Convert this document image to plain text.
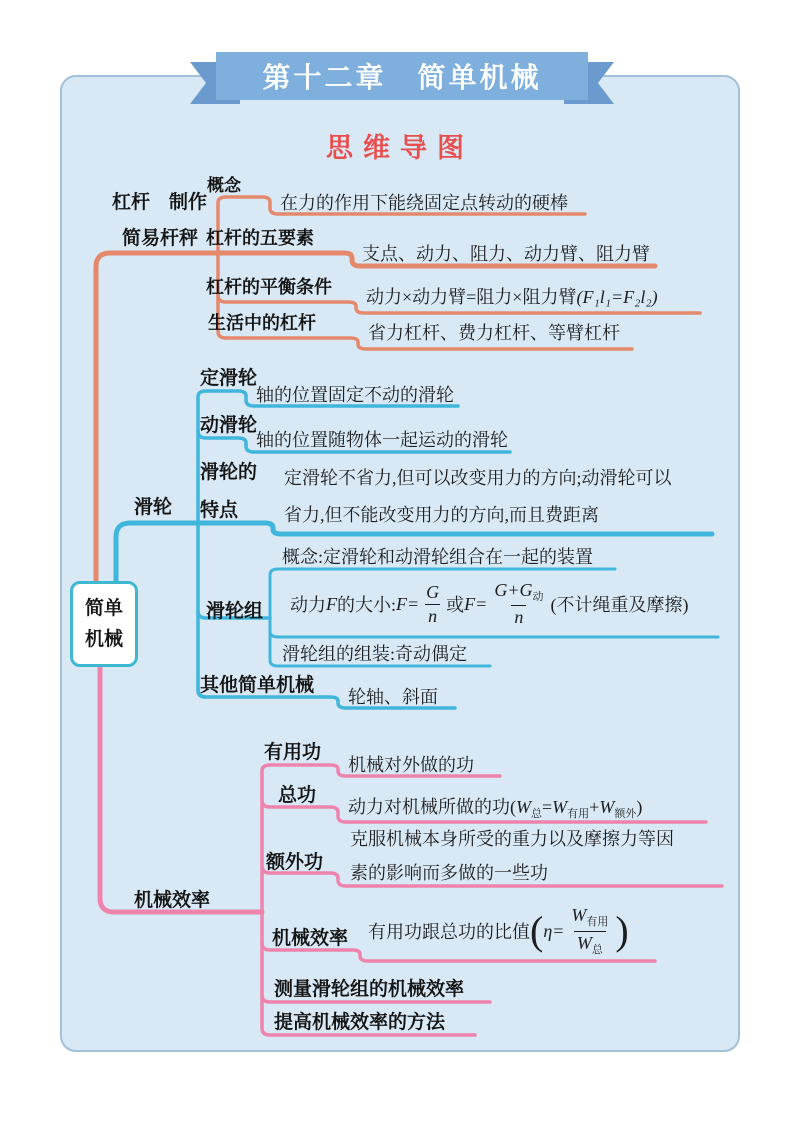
第十二章　简单机械
思维导图
简单
机械
杠杆　制作
简易杆秤
概念
在力的作用下能绕固定点转动的硬棒
杠杆的五要素
支点、动力、阻力、动力臂、阻力臂
杠杆的平衡条件 动力×动力臂=阻力×阻力臂(F₁l₁=F₂l₂)
生活中的杠杆	省力杠杆、费力杠杆、等臂杠杆
滑轮
定滑轮
轴的位置固定不动的滑轮
动滑轮
轴的位置随物体一起运动的滑轮
滑轮的
特点
定滑轮不省力,但可以改变用力的方向;动滑轮可以
省力,但不能改变用力的方向,而且费距离
滑轮组
概念:定滑轮和动滑轮组合在一起的装置
动力 F 的大小: $F= \frac{G}{n}$ 或 $F= \frac{G+G_动}{n}$ (不计绳重及摩擦)
滑轮组的组装:奇动偶定
其他简单机械
轮轴、斜面
机械效率
有用功
机械对外做的功
总功
动力对机械所做的功$(W_总=W_{有用}+W_{额外})$
额外功
克服机械本身所受的重力以及摩擦力等因
素的影响而多做的一些功
机械效率 有用功跟总功的比值 ( $\eta= \frac{W_{有用}}{W_总}$ )
测量滑轮组的机械效率
提高机械效率的方法
